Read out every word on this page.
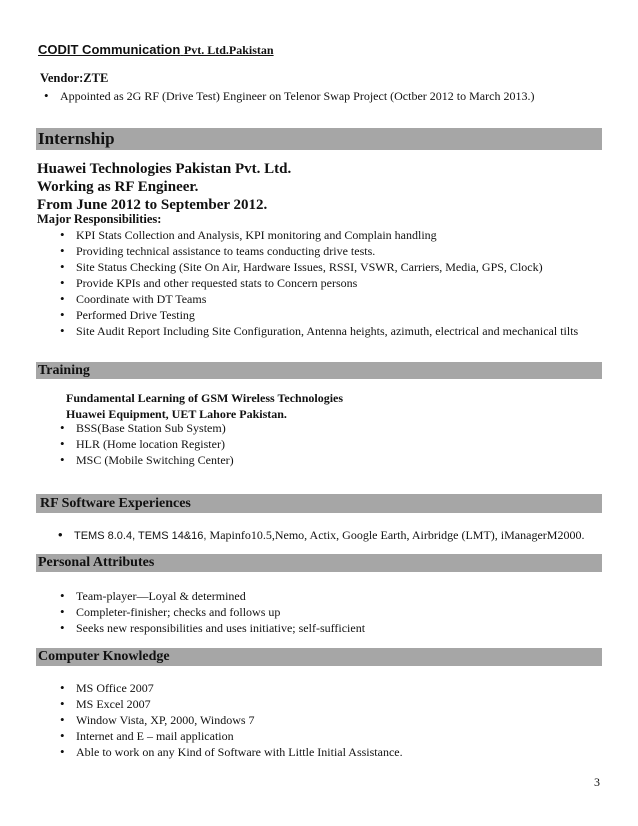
CODIT Communication Pvt. Ltd.Pakistan
Vendor:ZTE
• Appointed as 2G RF (Drive Test) Engineer on Telenor Swap Project (Octber 2012 to March 2013.)
Internship
Huawei Technologies Pakistan Pvt. Ltd.
Working as RF Engineer.
From June 2012 to September 2012.
Major Responsibilities:
• KPI Stats Collection and Analysis, KPI monitoring and Complain handling
• Providing technical assistance to teams conducting drive tests.
• Site Status Checking (Site On Air, Hardware Issues, RSSI, VSWR, Carriers, Media, GPS, Clock)
• Provide KPIs and other requested stats to Concern persons
• Coordinate with DT Teams
• Performed Drive Testing
• Site Audit Report Including Site Configuration, Antenna heights, azimuth, electrical and mechanical tilts
Training
Fundamental Learning of GSM Wireless Technologies
Huawei Equipment, UET Lahore Pakistan.
• BSS(Base Station Sub System)
• HLR (Home location Register)
• MSC (Mobile Switching Center)
RF Software Experiences
• TEMS 8.0.4, TEMS 14&16, Mapinfo10.5,Nemo, Actix, Google Earth, Airbridge (LMT), iManagerM2000.
Personal Attributes
• Team-player—Loyal & determined
• Completer-finisher; checks and follows up
• Seeks new responsibilities and uses initiative; self-sufficient
Computer Knowledge
• MS Office 2007
• MS Excel 2007
• Window Vista, XP, 2000, Windows 7
• Internet and E – mail application
• Able to work on any Kind of Software with Little Initial Assistance.
3
